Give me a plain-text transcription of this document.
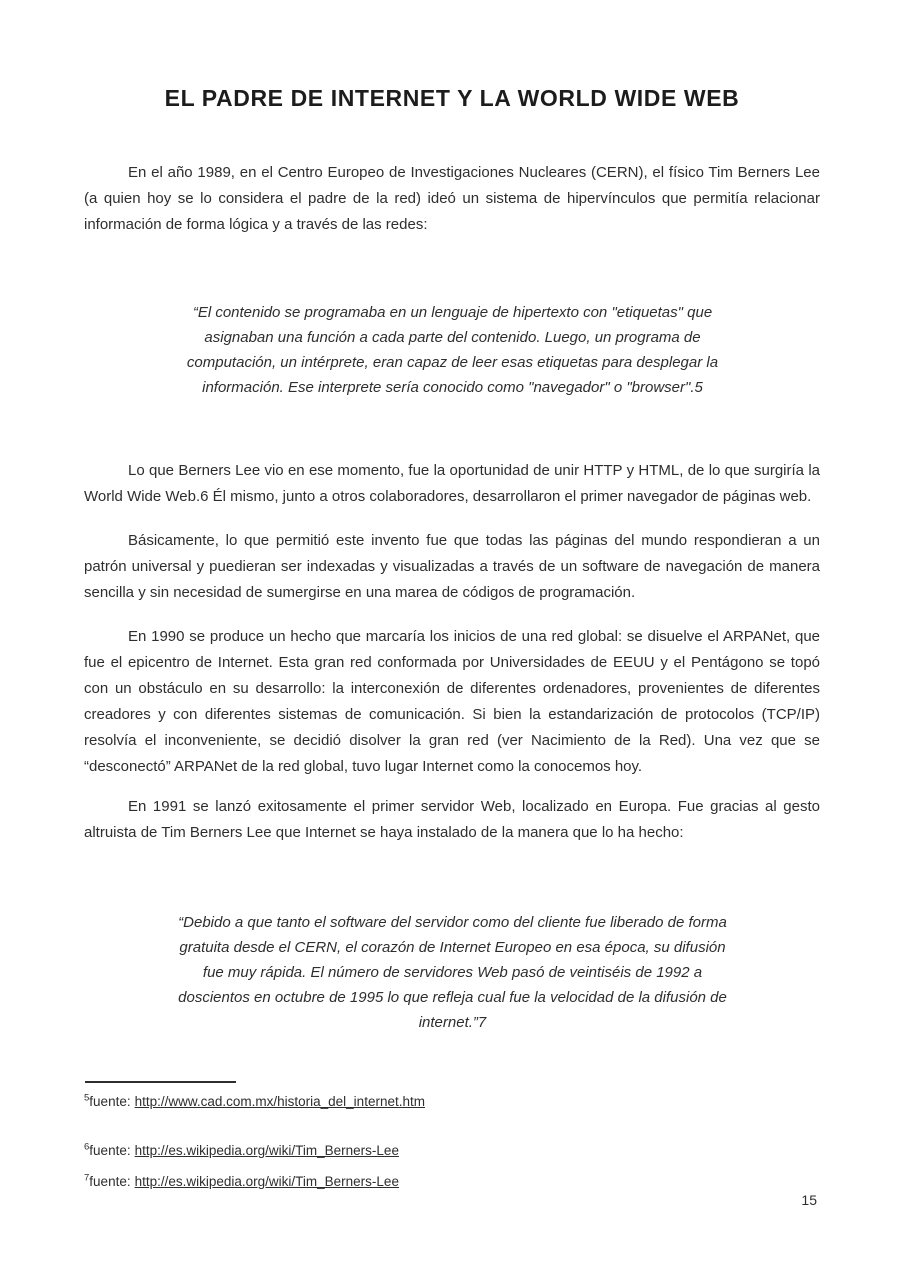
EL PADRE DE INTERNET Y LA WORLD WIDE WEB

En el año 1989, en el Centro Europeo de Investigaciones Nucleares (CERN), el físico Tim Berners Lee (a quien hoy se lo considera el padre de la red) ideó un sistema de hipervínculos que permitía relacionar información de forma lógica y a través de las redes:

“El contenido se programaba en un lenguaje de hipertexto con "etiquetas" que asignaban una función a cada parte del contenido. Luego, un programa de computación, un intérprete, eran capaz de leer esas etiquetas para desplegar la información. Ese interprete sería conocido como "navegador" o "browser".5

Lo que Berners Lee vio en ese momento, fue la oportunidad de unir HTTP y HTML, de lo que surgiría la World Wide Web.6 Él mismo, junto a otros colaboradores, desarrollaron el primer navegador de páginas web.

Básicamente, lo que permitió este invento fue que todas las páginas del mundo respondieran a un patrón universal y puedieran ser indexadas y visualizadas a través de un software de navegación de manera sencilla y sin necesidad de sumergirse en una marea de códigos de programación.

En 1990 se produce un hecho que marcaría los inicios de una red global: se disuelve el ARPANet, que fue el epicentro de Internet. Esta gran red conformada por Universidades de EEUU y el Pentágono se topó con un obstáculo en su desarrollo: la interconexión de diferentes ordenadores, provenientes de diferentes creadores y con diferentes sistemas de comunicación. Si bien la estandarización de protocolos (TCP/IP) resolvía el inconveniente, se decidió disolver la gran red (ver Nacimiento de la Red). Una vez que se “desconectó” ARPANet de la red global, tuvo lugar Internet como la conocemos hoy.

En 1991 se lanzó exitosamente el primer servidor Web, localizado en Europa. Fue gracias al gesto altruista de Tim Berners Lee que Internet se haya instalado de la manera que lo ha hecho:

“Debido a que tanto el software del servidor como del cliente fue liberado de forma gratuita desde el CERN, el corazón de Internet Europeo en esa época, su difusión fue muy rápida. El número de servidores Web pasó de veintiséis de 1992 a doscientos en octubre de 1995 lo que refleja cual fue la velocidad de la difusión de internet.”7

$^5$fuente: http://www.cad.com.mx/historia_del_internet.htm

$^6$fuente: http://es.wikipedia.org/wiki/Tim_Berners-Lee

$^7$fuente: http://es.wikipedia.org/wiki/Tim_Berners-Lee

15
